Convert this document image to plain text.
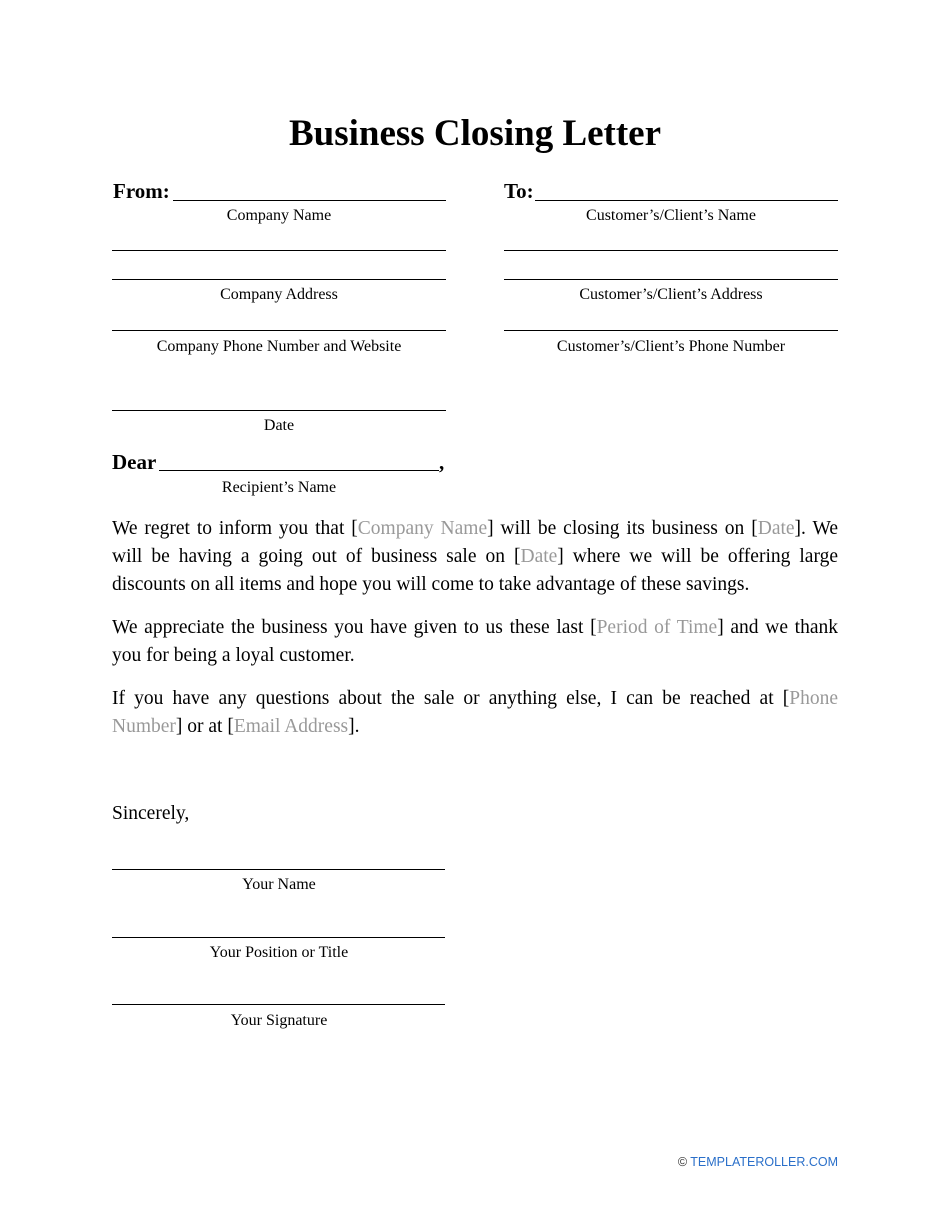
Business Closing Letter
From:
Company Name
Company Address
Company Phone Number and Website
To:
Customer’s/Client’s Name
Customer’s/Client’s Address
Customer’s/Client’s Phone Number
Date
Dear	,
Recipient’s Name
We regret to inform you that [Company Name] will be closing its business on [Date]. We will be having a going out of business sale on [Date] where we will be offering large discounts on all items and hope you will come to take advantage of these savings.
We appreciate the business you have given to us these last [Period of Time] and we thank you for being a loyal customer.
If you have any questions about the sale or anything else, I can be reached at [Phone Number] or at [Email Address].
Sincerely,
Your Name
Your Position or Title
Your Signature
© TEMPLATEROLLER.COM
